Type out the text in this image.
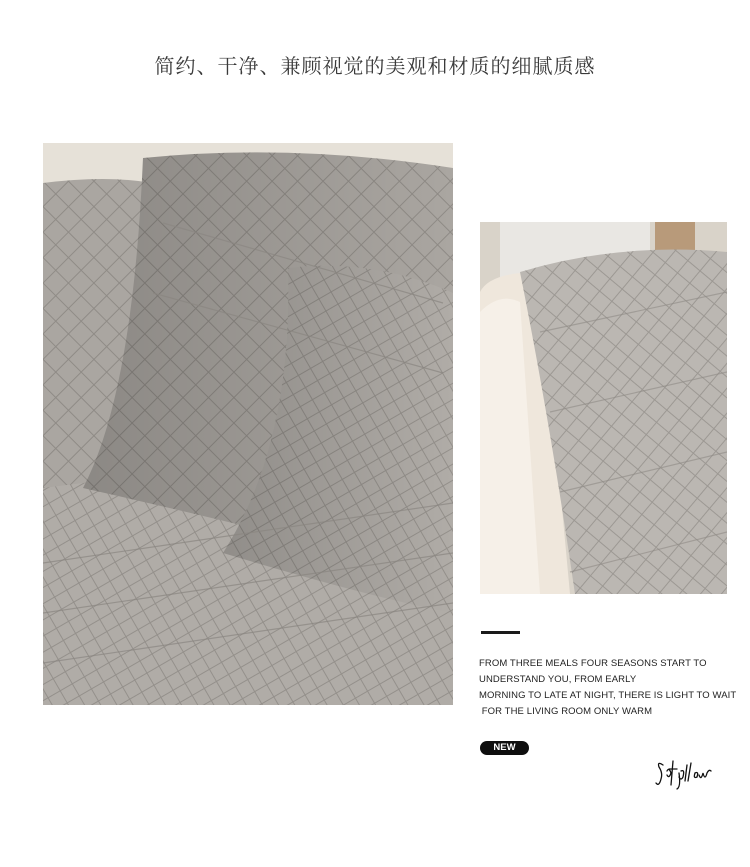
简约、干净、兼顾视觉的美观和材质的细腻质感
FROM THREE MEALS FOUR SEASONS START TO
UNDERSTAND YOU, FROM EARLY
MORNING TO LATE AT NIGHT, THERE IS LIGHT TO WAIT
FOR THE LIVING ROOM ONLY WARM
NEW
